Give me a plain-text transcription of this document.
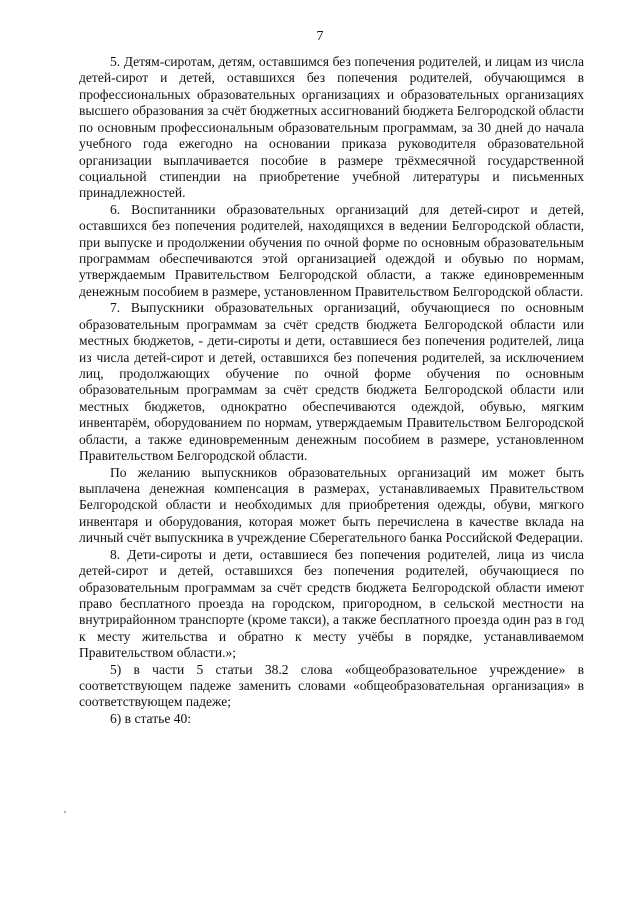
7

5. Детям-сиротам, детям, оставшимся без попечения родителей, и лицам из числа детей-сирот и детей, оставшихся без попечения родителей, обучающимся в профессиональных образовательных организациях и образовательных организациях высшего образования за счёт бюджетных ассигнований бюджета Белгородской области по основным профессиональным образовательным программам, за 30 дней до начала учебного года ежегодно на основании приказа руководителя образовательной организации выплачивается пособие в размере трёхмесячной государственной социальной стипендии на приобретение учебной литературы и письменных принадлежностей.

6. Воспитанники образовательных организаций для детей-сирот и детей, оставшихся без попечения родителей, находящихся в ведении Белгородской области, при выпуске и продолжении обучения по очной форме по основным образовательным программам обеспечиваются этой организацией одеждой и обувью по нормам, утверждаемым Правительством Белгородской области, а также единовременным денежным пособием в размере, установленном Правительством Белгородской области.

7. Выпускники образовательных организаций, обучающиеся по основным образовательным программам за счёт средств бюджета Белгородской области или местных бюджетов, - дети-сироты и дети, оставшиеся без попечения родителей, лица из числа детей-сирот и детей, оставшихся без попечения родителей, за исключением лиц, продолжающих обучение по очной форме обучения по основным образовательным программам за счёт средств бюджета Белгородской области или местных бюджетов, однократно обеспечиваются одеждой, обувью, мягким инвентарём, оборудованием по нормам, утверждаемым Правительством Белгородской области, а также единовременным денежным пособием в размере, установленном Правительством Белгородской области.

По желанию выпускников образовательных организаций им может быть выплачена денежная компенсация в размерах, устанавливаемых Правительством Белгородской области и необходимых для приобретения одежды, обуви, мягкого инвентаря и оборудования, которая может быть перечислена в качестве вклада на личный счёт выпускника в учреждение Сберегательного банка Российской Федерации.

8. Дети-сироты и дети, оставшиеся без попечения родителей, лица из числа детей-сирот и детей, оставшихся без попечения родителей, обучающиеся по образовательным программам за счёт средств бюджета Белгородской области имеют право бесплатного проезда на городском, пригородном, в сельской местности на внутрирайонном транспорте (кроме такси), а также бесплатного проезда один раз в год к месту жительства и обратно к месту учёбы в порядке, устанавливаемом Правительством области.»;

5) в части 5 статьи 38.2 слова «общеобразовательное учреждение» в соответствующем падеже заменить словами «общеобразовательная организация» в соответствующем падеже;

6) в статье 40:
